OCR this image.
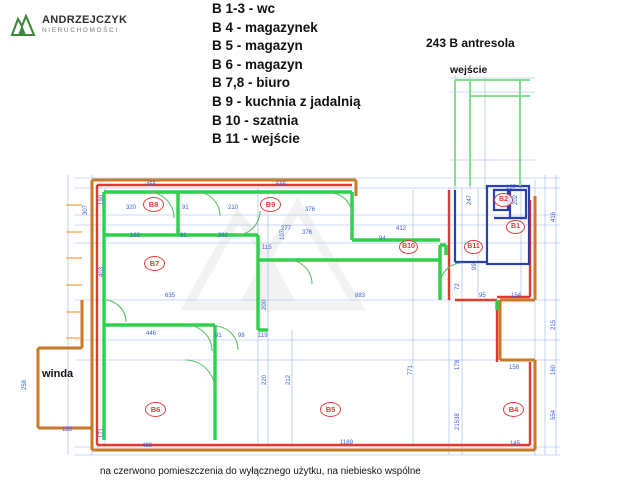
ANDRZEJCZYK
NIERUCHOMOŚCI
B 1-3 - wc
B 4 - magazynek
B 5 - magazyn
B 6 - magazyn
B 7,8 - biuro
B 9 - kuchnia z jadalnią
B 10 - szatnia
B 11 - wejście
243 B antresola
wejście
winda
B8	B9
B7
B6	B5	B4
B10	B11
B2
B1
455	585
320	91	210	376
162	91	262	376
412
277
115
94
635	883	154
95
446	91	98 119
158
488	1189	145
185
137
307
190
403
258
171
200
220	212
771
215
160
554
215
178
38
72
99
416
247
107
202
na czerwono pomieszczenia do wyłącznego użytku, na niebiesko wspólne
